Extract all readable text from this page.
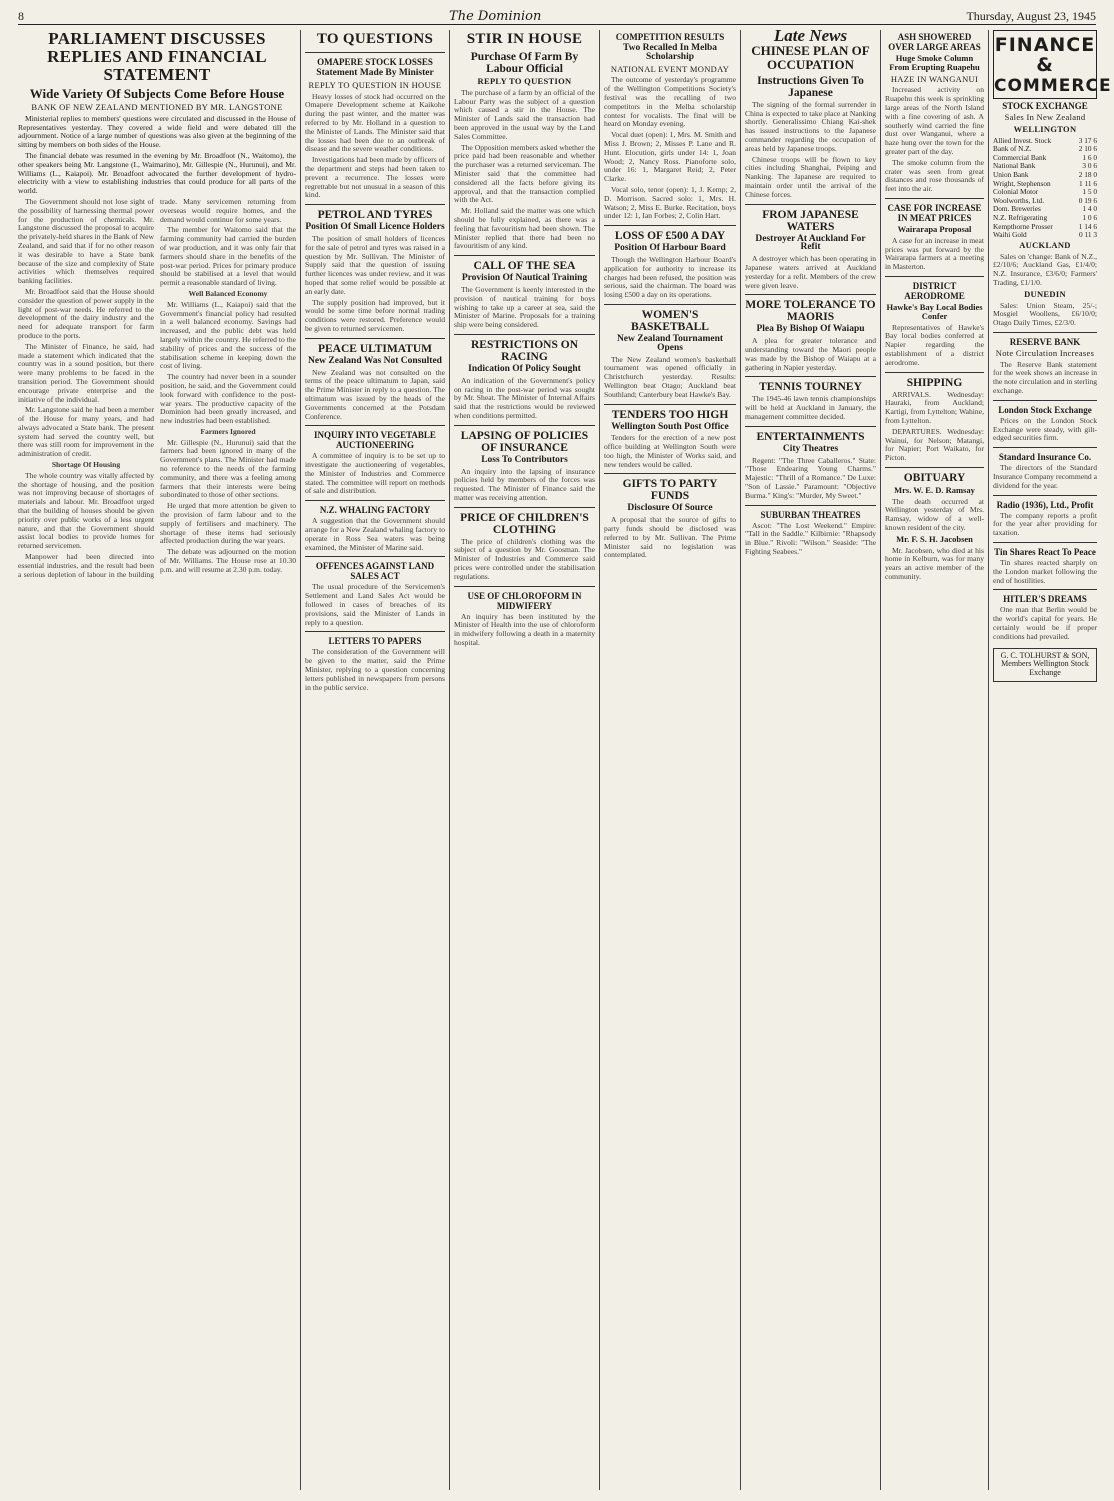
8	The Dominion	Thursday, August 23, 1945
PARLIAMENT DISCUSSES REPLIES AND FINANCIAL STATEMENT
Wide Variety Of Subjects Come Before House
BANK OF NEW ZEALAND MENTIONED BY MR. LANGSTONE

Ministerial replies to members' questions were circulated and discussed in the House of Representatives yesterday. They covered a wide field and were debated till the adjournment. Notice of a large number of questions was also given at the beginning of the sitting by members on both sides of the House.

The financial debate was resumed in the evening by Mr. Broadfoot (N., Waitomo), the other speakers being Mr. Langstone (I., Waimarino), Mr. Gillespie (N., Hurunui), and Mr. Williams (L., Kaiapoi). Mr. Broadfoot advocated the further development of hydro-electricity with a view to establishing industries that could produce for all parts of the world.

The Government should not lose sight of the possibility of harnessing thermal power for the production of chemicals. Mr. Langstone discussed the proposal to acquire the privately-held shares in the Bank of New Zealand, and said that if for no other reason it was desirable to have a State bank because of the size and complexity of State activities which themselves required banking facilities.

Mr. Broadfoot said that the House should consider the question of power supply in the light of post-war needs. He referred to the development of the dairy industry and the need for adequate transport for farm produce to the ports.

The Minister of Finance, he said, had made a statement which indicated that the country was in a sound position, but there were many problems to be faced in the transition period. The Government should encourage private enterprise and the initiative of the individual.

Mr. Langstone said he had been a member of the House for many years, and had always advocated a State bank. The present system had served the country well, but there was still room for improvement in the administration of credit.

Shortage Of Housing

The whole country was vitally affected by the shortage of housing, and the position was not improving because of shortages of materials and labour. Mr. Broadfoot urged that the building of houses should be given priority over public works of a less urgent nature, and that the Government should assist local bodies to provide homes for returned servicemen.

Manpower had been directed into essential industries, and the result had been a serious depletion of labour in the building trade. Many servicemen returning from overseas would require homes, and the demand would continue for some years.

The member for Waitomo said that the farming community had carried the burden of war production, and it was only fair that farmers should share in the benefits of the post-war period. Prices for primary produce should be stabilised at a level that would permit a reasonable standard of living.

Well Balanced Economy

Mr. Williams (L., Kaiapoi) said that the Government's financial policy had resulted in a well balanced economy. Savings had increased, and the public debt was held largely within the country. He referred to the stability of prices and the success of the stabilisation scheme in keeping down the cost of living.

The country had never been in a sounder position, he said, and the Government could look forward with confidence to the post-war years. The productive capacity of the Dominion had been greatly increased, and new industries had been established.

Farmers Ignored

Mr. Gillespie (N., Hurunui) said that the farmers had been ignored in many of the Government's plans. The Minister had made no reference to the needs of the farming community, and there was a feeling among farmers that their interests were being subordinated to those of other sections.

He urged that more attention be given to the provision of farm labour and to the supply of fertilisers and machinery. The shortage of these items had seriously affected production during the war years.

The debate was adjourned on the motion of Mr. Williams. The House rose at 10.30 p.m. and will resume at 2.30 p.m. today.

TO QUESTIONS
OMAPERE STOCK LOSSES
Statement Made By Minister
REPLY TO QUESTION IN HOUSE

Heavy losses of stock had occurred on the Omapere Development scheme at Kaikohe during the past winter, and the matter was referred to by Mr. Holland in a question to the Minister of Lands. The Minister said that the losses had been due to an outbreak of disease and the severe weather conditions.

Investigations had been made by officers of the department and steps had been taken to prevent a recurrence. The losses were regrettable but not unusual in a season of this kind.

PETROL AND TYRES
Position Of Small Licence Holders

The position of small holders of licences for the sale of petrol and tyres was raised in a question by Mr. Sullivan. The Minister of Supply said that the question of issuing further licences was under review, and it was hoped that some relief would be possible at an early date.

The supply position had improved, but it would be some time before normal trading conditions were restored. Preference would be given to returned servicemen.

PEACE ULTIMATUM
New Zealand Was Not Consulted

New Zealand was not consulted on the terms of the peace ultimatum to Japan, said the Prime Minister in reply to a question. The ultimatum was issued by the heads of the Governments concerned at the Potsdam Conference.

INQUIRY INTO VEGETABLE AUCTIONEERING

A committee of inquiry is to be set up to investigate the auctioneering of vegetables, the Minister of Industries and Commerce stated. The committee will report on methods of sale and distribution.

N.Z. WHALING FACTORY

A suggestion that the Government should arrange for a New Zealand whaling factory to operate in Ross Sea waters was being examined, the Minister of Marine said.

OFFENCES AGAINST LAND SALES ACT

The usual procedure of the Servicemen's Settlement and Land Sales Act would be followed in cases of breaches of its provisions, said the Minister of Lands in reply to a question.

LETTERS TO PAPERS

The consideration of the Government will be given to the matter, said the Prime Minister, replying to a question concerning letters published in newspapers from persons in the public service.

STIR IN HOUSE
Purchase Of Farm By Labour Official
REPLY TO QUESTION

The purchase of a farm by an official of the Labour Party was the subject of a question which caused a stir in the House. The Minister of Lands said the transaction had been approved in the usual way by the Land Sales Committee.

The Opposition members asked whether the price paid had been reasonable and whether the purchaser was a returned serviceman. The Minister said that the committee had considered all the facts before giving its approval, and that the transaction complied with the Act.

Mr. Holland said the matter was one which should be fully explained, as there was a feeling that favouritism had been shown. The Minister replied that there had been no favouritism of any kind.

CALL OF THE SEA
Provision Of Nautical Training

The Government is keenly interested in the provision of nautical training for boys wishing to take up a career at sea, said the Minister of Marine. Proposals for a training ship were being considered.

RESTRICTIONS ON RACING
Indication Of Policy Sought

An indication of the Government's policy on racing in the post-war period was sought by Mr. Sheat. The Minister of Internal Affairs said that the restrictions would be reviewed when conditions permitted.

LAPSING OF POLICIES OF INSURANCE
Loss To Contributors

An inquiry into the lapsing of insurance policies held by members of the forces was requested. The Minister of Finance said the matter was receiving attention.

PRICE OF CHILDREN'S CLOTHING

The price of children's clothing was the subject of a question by Mr. Goosman. The Minister of Industries and Commerce said prices were controlled under the stabilisation regulations.

USE OF CHLOROFORM IN MIDWIFERY

An inquiry has been instituted by the Minister of Health into the use of chloroform in midwifery following a death in a maternity hospital.

COMPETITION RESULTS
Two Recalled In Melba Scholarship
NATIONAL EVENT MONDAY

The outcome of yesterday's programme of the Wellington Competitions Society's festival was the recalling of two competitors in the Melba scholarship contest for vocalists. The final will be heard on Monday evening.

Vocal duet (open): 1, Mrs. M. Smith and Miss J. Brown; 2, Misses P. Lane and R. Hunt. Elocution, girls under 14: 1, Joan Wood; 2, Nancy Ross. Pianoforte solo, under 16: 1, Margaret Reid; 2, Peter Clarke.

Vocal solo, tenor (open): 1, J. Kemp; 2, D. Morrison. Sacred solo: 1, Mrs. H. Watson; 2, Miss E. Burke. Recitation, boys under 12: 1, Ian Forbes; 2, Colin Hart.

LOSS OF £500 A DAY
Position Of Harbour Board

Though the Wellington Harbour Board's application for authority to increase its charges had been refused, the position was serious, said the chairman. The board was losing £500 a day on its operations.

WOMEN'S BASKETBALL
New Zealand Tournament Opens

The New Zealand women's basketball tournament was opened officially in Christchurch yesterday. Results: Wellington beat Otago; Auckland beat Southland; Canterbury beat Hawke's Bay.

TENDERS TOO HIGH
Wellington South Post Office

Tenders for the erection of a new post office building at Wellington South were too high, the Minister of Works said, and new tenders would be called.

GIFTS TO PARTY FUNDS
Disclosure Of Source

A proposal that the source of gifts to party funds should be disclosed was referred to by Mr. Sullivan. The Prime Minister said no legislation was contemplated.

Late News
CHINESE PLAN OF OCCUPATION
Instructions Given To Japanese

The signing of the formal surrender in China is expected to take place at Nanking shortly. Generalissimo Chiang Kai-shek has issued instructions to the Japanese commander regarding the occupation of areas held by Japanese troops.

Chinese troops will be flown to key cities including Shanghai, Peiping and Nanking. The Japanese are required to maintain order until the arrival of the Chinese forces.

FROM JAPANESE WATERS
Destroyer At Auckland For Refit

A destroyer which has been operating in Japanese waters arrived at Auckland yesterday for a refit. Members of the crew were given leave.

MORE TOLERANCE TO MAORIS
Plea By Bishop Of Waiapu

A plea for greater tolerance and understanding toward the Maori people was made by the Bishop of Waiapu at a gathering in Napier yesterday.

TENNIS TOURNEY

The 1945-46 lawn tennis championships will be held at Auckland in January, the management committee decided.

ENTERTAINMENTS
City Theatres

Regent: "The Three Caballeros." State: "Those Endearing Young Charms." Majestic: "Thrill of a Romance." De Luxe: "Son of Lassie." Paramount: "Objective Burma." King's: "Murder, My Sweet."

SUBURBAN THEATRES

Ascot: "The Lost Weekend." Empire: "Tall in the Saddle." Kilbirnie: "Rhapsody in Blue." Rivoli: "Wilson." Seaside: "The Fighting Seabees."

ASH SHOWERED OVER LARGE AREAS
Huge Smoke Column From Erupting Ruapehu
HAZE IN WANGANUI

Increased activity on Ruapehu this week is sprinkling large areas of the North Island with a fine covering of ash. A southerly wind carried the fine dust over Wanganui, where a haze hung over the town for the greater part of the day.

The smoke column from the crater was seen from great distances and rose thousands of feet into the air.

CASE FOR INCREASE IN MEAT PRICES
Wairarapa Proposal

A case for an increase in meat prices was put forward by the Wairarapa farmers at a meeting in Masterton.

DISTRICT AERODROME
Hawke's Bay Local Bodies Confer

Representatives of Hawke's Bay local bodies conferred at Napier regarding the establishment of a district aerodrome.

SHIPPING

ARRIVALS. Wednesday: Hauraki, from Auckland; Kartigi, from Lyttelton; Wahine, from Lyttelton.

DEPARTURES. Wednesday: Wainui, for Nelson; Matangi, for Napier; Port Waikato, for Picton.

OBITUARY
Mrs. W. E. D. Ramsay

The death occurred at Wellington yesterday of Mrs. Ramsay, widow of a well-known resident of the city.

Mr. F. S. H. Jacobsen

Mr. Jacobsen, who died at his home in Kelburn, was for many years an active member of the community.

FINANCE &
COMMERCE
STOCK EXCHANGE
Sales In New Zealand
WELLINGTON
Allied Invest. Stock	3 17 6
Bank of N.Z.	2 10 6
Commercial Bank	1 6 0
National Bank	3 0 6
Union Bank	2 18 0
Wright, Stephenson	1 11 6
Colonial Motor	1 5 0
Woolworths, Ltd.	0 19 6
Dom. Breweries	1 4 0
N.Z. Refrigerating	1 0 6
Kempthorne Prosser	1 14 6
Waihi Gold	0 11 3
AUCKLAND

Sales on 'change: Bank of N.Z., £2/10/6; Auckland Gas, £1/4/0; N.Z. Insurance, £3/6/0; Farmers' Trading, £1/1/0.

DUNEDIN

Sales: Union Steam, 25/-; Mosgiel Woollens, £6/10/0; Otago Daily Times, £2/3/0.

RESERVE BANK
Note Circulation Increases

The Reserve Bank statement for the week shows an increase in the note circulation and in sterling exchange.

London Stock Exchange

Prices on the London Stock Exchange were steady, with gilt-edged securities firm.

Standard Insurance Co.

The directors of the Standard Insurance Company recommend a dividend for the year.

Radio (1936), Ltd., Profit

The company reports a profit for the year after providing for taxation.

Tin Shares React To Peace

Tin shares reacted sharply on the London market following the end of hostilities.

HITLER'S DREAMS

One man that Berlin would be the world's capital for years. He certainly would be if proper conditions had prevailed.

G. C. TOLHURST & SON, Members Wellington Stock Exchange
